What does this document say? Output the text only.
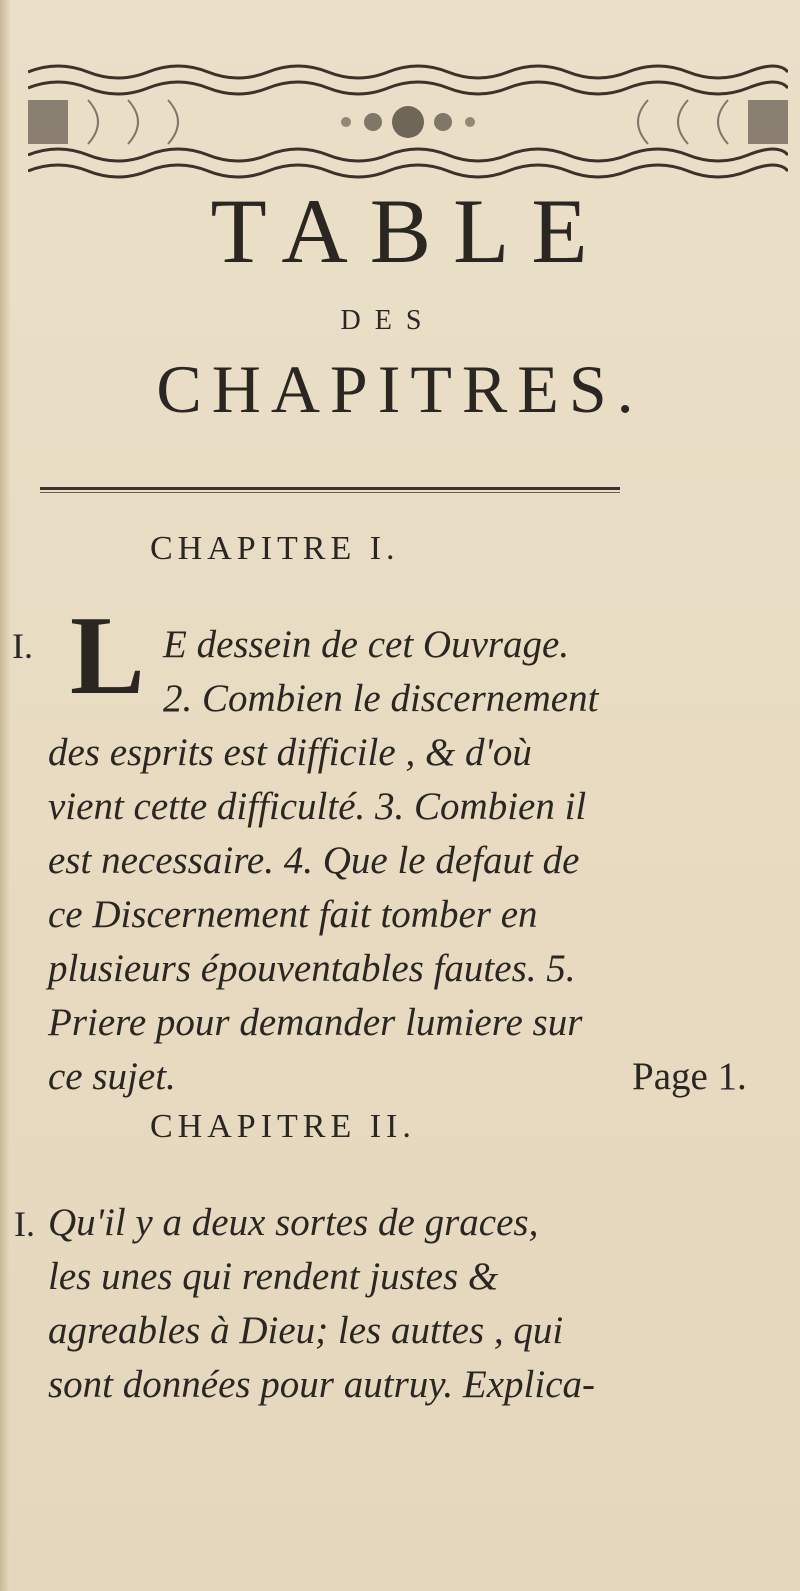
TABLE
DES
CHAPITRES.
CHAPITRE I.
I. L E dessein de cet Ouvrage.
2. Combien le discernement
des esprits est difficile , & d'où
vient cette difficulté. 3. Combien il
est necessaire. 4. Que le defaut de
ce Discernement fait tomber en
plusieurs épouventables fautes. 5.
Priere pour demander lumiere sur
ce sujet.	Page 1.
CHAPITRE II.
I. Qu'il y a deux sortes de graces,
les unes qui rendent justes &
agreables à Dieu; les auttes , qui
sont données pour autruy. Explica-
